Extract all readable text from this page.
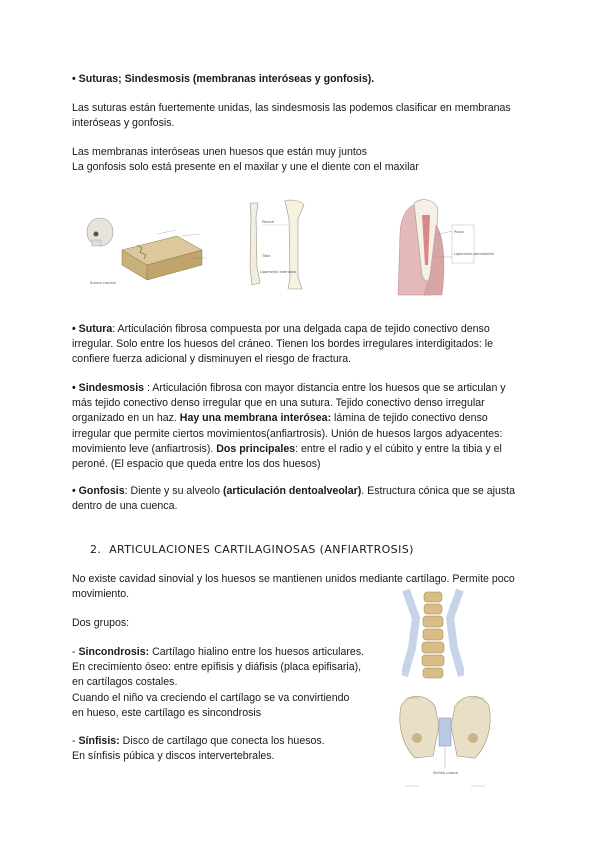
• Suturas; Sindesmosis (membranas interóseas y gonfosis).

Las suturas están fuertemente unidas, las sindesmosis las podemos clasificar en membranas interóseas y gonfosis.

Las membranas interóseas unen huesos que están muy juntos

La gonfosis solo está presente en el maxilar y une el diente con el maxilar

Sutura craneal
Peroné
Tibia
Ligamento interóseo
Pulpa
Ligamento periodontal

• Sutura: Articulación fibrosa compuesta por una delgada capa de tejido conectivo denso irregular. Solo entre los huesos del cráneo. Tienen los bordes irregulares interdigitados: le confiere fuerza adicional y disminuyen el riesgo de fractura.

• Sindesmosis : Articulación fibrosa con mayor distancia entre los huesos que se articulan y más tejido conectivo denso irregular que en una sutura. Tejido conectivo denso irregular organizado en un haz. Hay una membrana interósea: lámina de tejido conectivo denso irregular que permite ciertos movimientos(anfiartrosis). Unión de huesos largos adyacentes: movimiento leve (anfiartrosis). Dos principales: entre el radio y el cúbito y entre la tibia y el peroné. (El espacio que queda entre los dos huesos)

• Gonfosis: Diente y su alveolo (articulación dentoalveolar). Estructura cónica que se ajusta dentro de una cuenca.

2. ARTICULACIONES CARTILAGINOSAS (ANFIARTROSIS)

No existe cavidad sinovial y los huesos se mantienen unidos mediante cartílago. Permite poco movimiento.

Dos grupos:

- Sincondrosis: Cartílago hialino entre los huesos articulares.
En crecimiento óseo: entre epífisis y diáfisis (placa epifisaria),
en cartílagos costales.
Cuando el niño va creciendo el cartílago se va convirtiendo
en hueso, este cartílago es sincondrosis
- Sínfisis: Disco de cartílago que conecta los huesos.
En sínfisis púbica y discos intervertebrales.
Sínfisis púbica
